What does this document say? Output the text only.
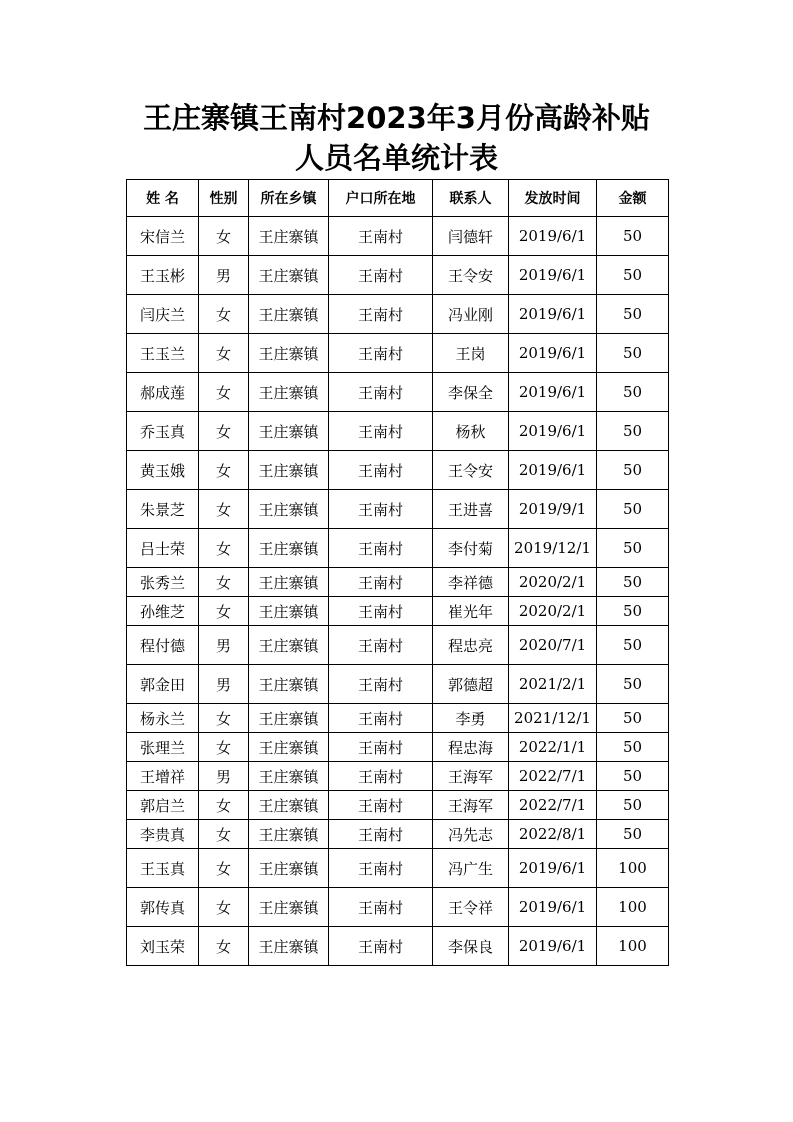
王庄寨镇王南村2023年3月份高龄补贴
人员名单统计表
姓 名	性别	所在乡镇	户口所在地	联系人	发放时间	金额
宋信兰	女	王庄寨镇	王南村	闫德轩	2019/6/1	50
王玉彬	男	王庄寨镇	王南村	王令安	2019/6/1	50
闫庆兰	女	王庄寨镇	王南村	冯业刚	2019/6/1	50
王玉兰	女	王庄寨镇	王南村	王岗	2019/6/1	50
郝成莲	女	王庄寨镇	王南村	李保全	2019/6/1	50
乔玉真	女	王庄寨镇	王南村	杨秋	2019/6/1	50
黄玉娥	女	王庄寨镇	王南村	王令安	2019/6/1	50
朱景芝	女	王庄寨镇	王南村	王进喜	2019/9/1	50
吕士荣	女	王庄寨镇	王南村	李付菊	2019/12/1	50
张秀兰	女	王庄寨镇	王南村	李祥德	2020/2/1	50
孙维芝	女	王庄寨镇	王南村	崔光年	2020/2/1	50
程付德	男	王庄寨镇	王南村	程忠亮	2020/7/1	50
郭金田	男	王庄寨镇	王南村	郭德超	2021/2/1	50
杨永兰	女	王庄寨镇	王南村	李勇	2021/12/1	50
张理兰	女	王庄寨镇	王南村	程忠海	2022/1/1	50
王增祥	男	王庄寨镇	王南村	王海军	2022/7/1	50
郭启兰	女	王庄寨镇	王南村	王海军	2022/7/1	50
李贵真	女	王庄寨镇	王南村	冯先志	2022/8/1	50
王玉真	女	王庄寨镇	王南村	冯广生	2019/6/1	100
郭传真	女	王庄寨镇	王南村	王令祥	2019/6/1	100
刘玉荣	女	王庄寨镇	王南村	李保良	2019/6/1	100
